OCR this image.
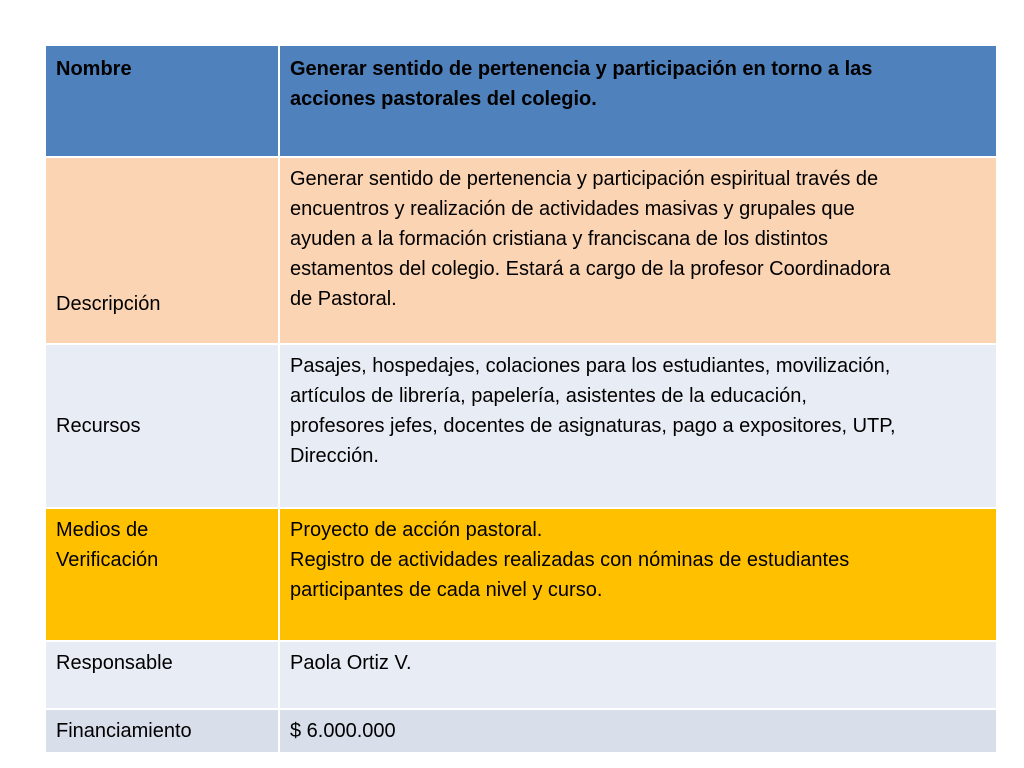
Nombre	Generar sentido de pertenencia y participación en torno a las
acciones pastorales del colegio.

Descripción	Generar sentido de pertenencia y participación espiritual través de
encuentros y realización de actividades masivas y grupales que
ayuden a la formación cristiana y franciscana de los distintos
estamentos del colegio. Estará a cargo de la profesor Coordinadora
de Pastoral.

Recursos	Pasajes, hospedajes, colaciones para los estudiantes, movilización,
artículos de librería, papelería, asistentes de la educación,
profesores jefes, docentes de asignaturas, pago a expositores, UTP,
Dirección.

Medios de
Verificación	Proyecto de acción pastoral.
Registro de actividades realizadas con nóminas de estudiantes
participantes de cada nivel y curso.

Responsable	Paola Ortiz V.
Financiamiento	$ 6.000.000
